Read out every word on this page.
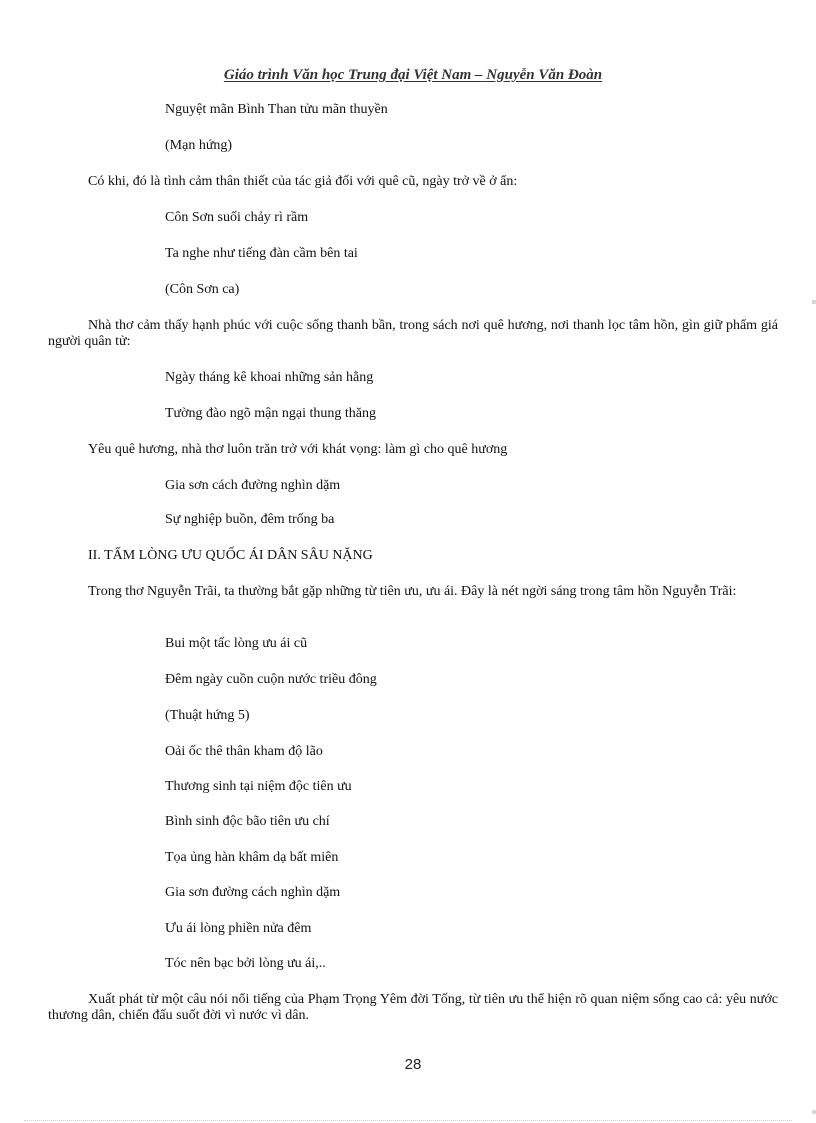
Giáo trình Văn học Trung đại Việt Nam – Nguyễn Văn Đoàn
Nguyệt mãn Bình Than tửu mãn thuyền
(Mạn hứng)
Có khi, đó là tình cảm thân thiết của tác giả đối với quê cũ, ngày trở về ở ẩn:
Côn Sơn suối chảy rì rầm
Ta nghe như tiếng đàn cầm bên tai
(Côn Sơn ca)
Nhà thơ cảm thấy hạnh phúc với cuộc sống thanh bần, trong sách nơi quê hương, nơi thanh lọc tâm hồn, gìn giữ phẩm giá người quân tử:
Ngày tháng kê khoai những sản hằng
Tường đào ngõ mận ngại thung thăng
Yêu quê hương, nhà thơ luôn trăn trở với khát vọng: làm gì cho quê hương
Gia sơn cách đường nghìn dặm
Sự nghiệp buồn, đêm trống ba
II. TẤM LÒNG ƯU QUỐC ÁI DÂN SÂU NẶNG
Trong thơ Nguyễn Trãi, ta thường bắt gặp những từ tiên ưu, ưu ái. Đây là nét ngời sáng trong tâm hồn Nguyễn Trãi:
Bui một tấc lòng ưu ái cũ
Đêm ngày cuồn cuộn nước triều đông
(Thuật hứng 5)
Oải ốc thê thân kham độ lão
Thương sinh tại niệm độc tiên ưu
Bình sinh độc bão tiên ưu chí
Tọa ủng hàn khâm dạ bất miên
Gia sơn đường cách nghìn dặm
Ưu ái lòng phiền nửa đêm
Tóc nên bạc bởi lòng ưu ái,..
Xuất phát từ một câu nói nổi tiếng của Phạm Trọng Yêm đời Tống, từ tiên ưu thể hiện rõ quan niệm sống cao cả: yêu nước thương dân, chiến đấu suốt đời vì nước vì dân.
28
